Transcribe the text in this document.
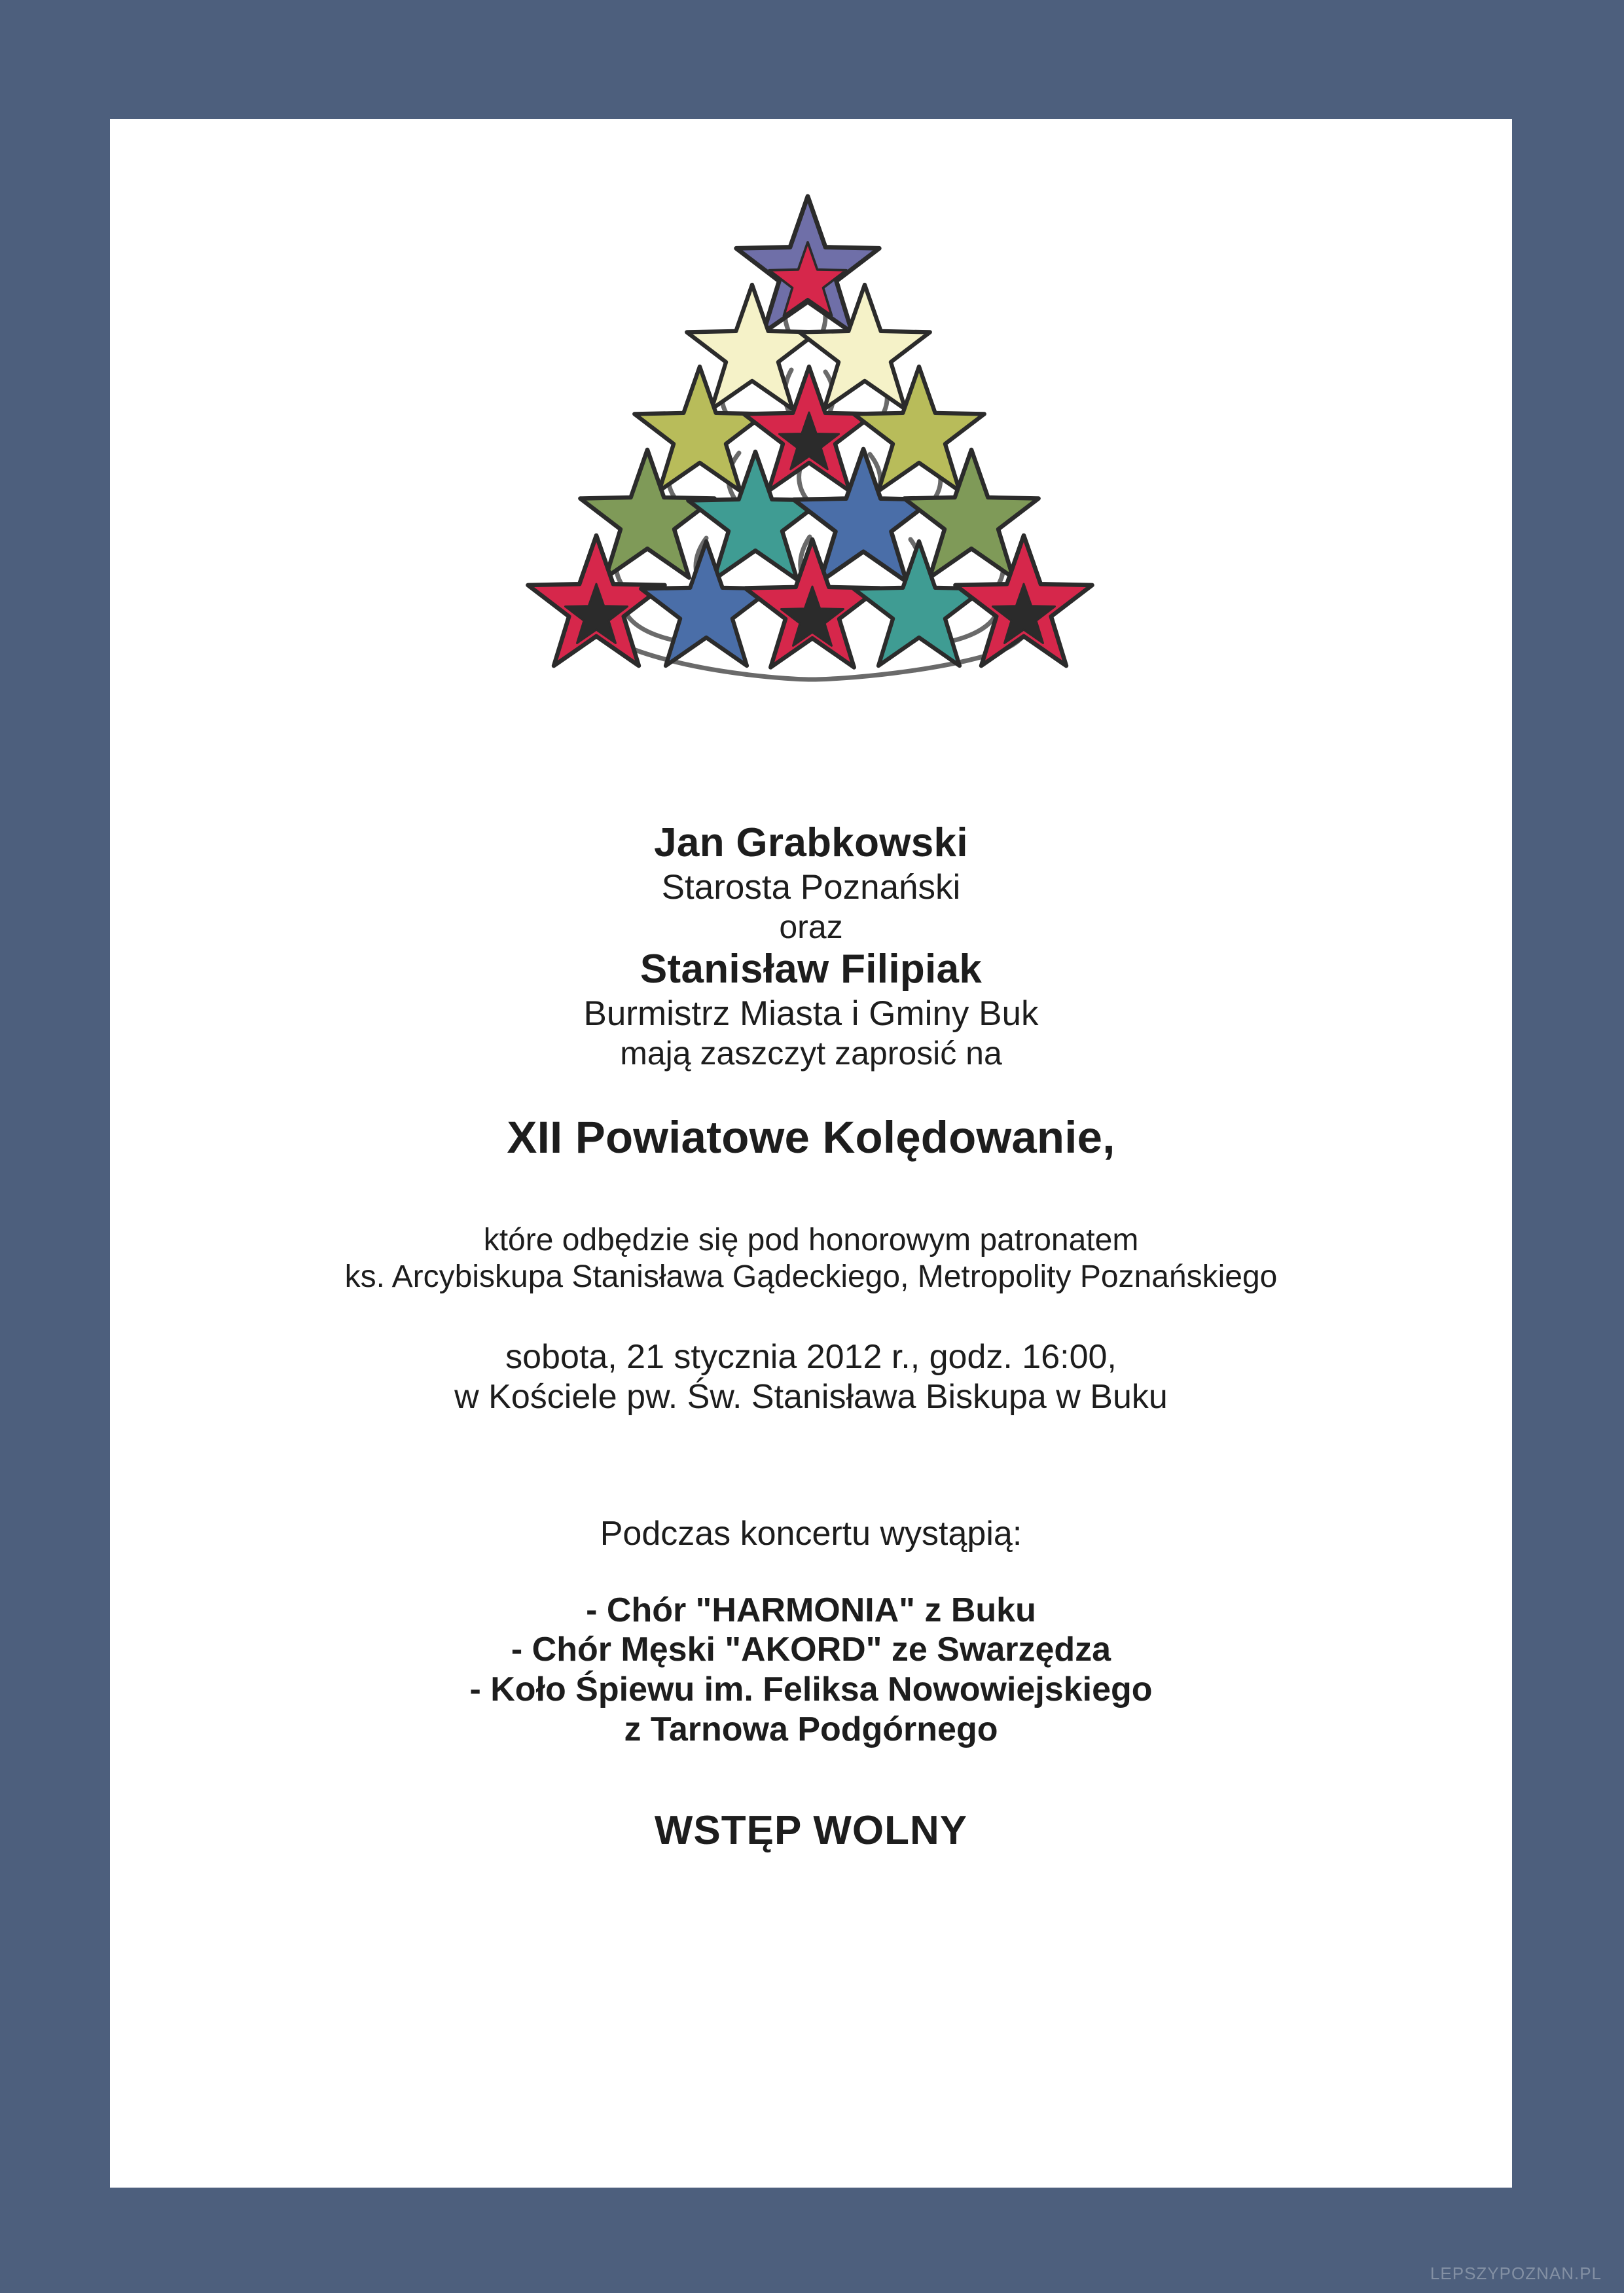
Jan Grabkowski
Starosta Poznański
oraz
Stanisław Filipiak
Burmistrz Miasta i Gminy Buk
mają zaszczyt zaprosić na
XII Powiatowe Kolędowanie,
które odbędzie się pod honorowym patronatem
ks. Arcybiskupa Stanisława Gądeckiego, Metropolity Poznańskiego
sobota, 21 stycznia 2012 r., godz. 16:00,
w Kościele pw. Św. Stanisława Biskupa w Buku
Podczas koncertu wystąpią:
- Chór "HARMONIA" z Buku
- Chór Męski "AKORD" ze Swarzędza
- Koło Śpiewu im. Feliksa Nowowiejskiego
z Tarnowa Podgórnego
WSTĘP WOLNY
LEPSZYPOZNAN.PL
